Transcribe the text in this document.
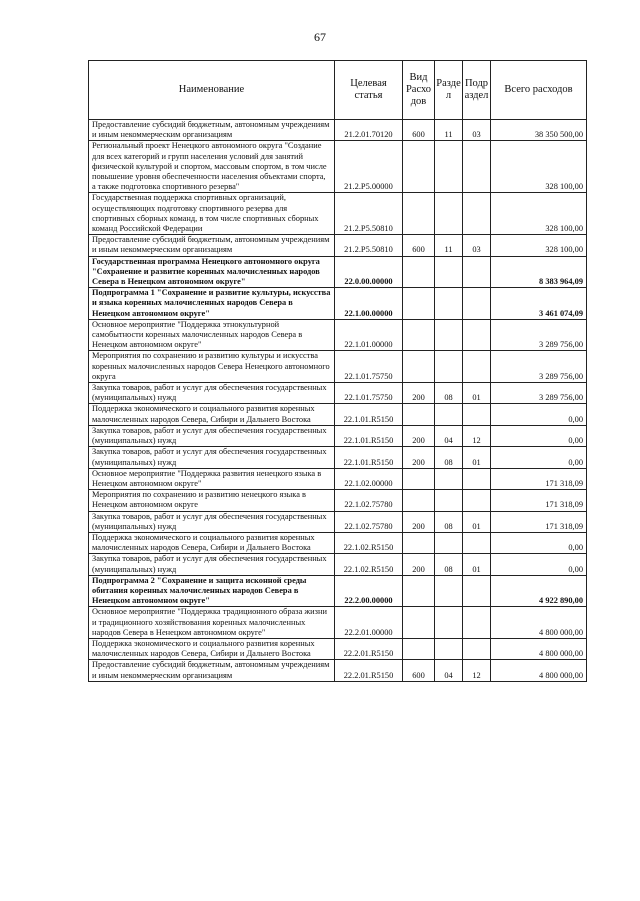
67
Наименование	Целевая статья	Вид Расхо дов	Разде л	Подр аздел	Всего расходов
Предоставление субсидий бюджетным, автономным учреждениям и иным некоммерческим организациям	21.2.01.70120	600	11	03	38 350 500,00
Региональный проект Ненецкого автономного округа "Создание для всех категорий и групп населения условий для занятий физической культурой и спортом, массовым спортом, в том числе повышение уровня обеспеченности населения объектами спорта, а также подготовка спортивного резерва"	21.2.P5.00000				328 100,00
Государственная поддержка спортивных организаций, осуществляющих подготовку спортивного резерва для спортивных сборных команд, в том числе спортивных сборных команд Российской Федерации	21.2.P5.50810				328 100,00
Предоставление субсидий бюджетным, автономным учреждениям и иным некоммерческим организациям	21.2.P5.50810	600	11	03	328 100,00
Государственная программа Ненецкого автономного округа "Сохранение и развитие коренных малочисленных народов Севера в Ненецком автономном округе"	22.0.00.00000				8 383 964,09
Подпрограмма 1 "Сохранение и развитие культуры, искусства и языка коренных малочисленных народов Севера в Ненецком автономном округе"	22.1.00.00000				3 461 074,09
Основное мероприятие "Поддержка этнокультурной самобытности коренных малочисленных народов Севера в Ненецком автономном округе"	22.1.01.00000				3 289 756,00
Мероприятия по сохранению и развитию культуры и искусства коренных малочисленных народов Севера Ненецкого автономного округа	22.1.01.75750				3 289 756,00
Закупка товаров, работ и услуг для обеспечения государственных (муниципальных) нужд	22.1.01.75750	200	08	01	3 289 756,00
Поддержка экономического и социального развития коренных малочисленных народов Севера, Сибири и Дальнего Востока	22.1.01.R5150				0,00
Закупка товаров, работ и услуг для обеспечения государственных (муниципальных) нужд	22.1.01.R5150	200	04	12	0,00
Закупка товаров, работ и услуг для обеспечения государственных (муниципальных) нужд	22.1.01.R5150	200	08	01	0,00
Основное мероприятие "Поддержка развития ненецкого языка в Ненецком автономном округе"	22.1.02.00000				171 318,09
Мероприятия по сохранению и развитию ненецкого языка в Ненецком автономном округе	22.1.02.75780				171 318,09
Закупка товаров, работ и услуг для обеспечения государственных (муниципальных) нужд	22.1.02.75780	200	08	01	171 318,09
Поддержка экономического и социального развития коренных малочисленных народов Севера, Сибири и Дальнего Востока	22.1.02.R5150				0,00
Закупка товаров, работ и услуг для обеспечения государственных (муниципальных) нужд	22.1.02.R5150	200	08	01	0,00
Подпрограмма 2 "Сохранение и защита исконной среды обитания коренных малочисленных народов Севера в Ненецком автономном округе"	22.2.00.00000				4 922 890,00
Основное мероприятие "Поддержка традиционного образа жизни и традиционного хозяйствования коренных малочисленных народов Севера в Ненецком автономном округе"	22.2.01.00000				4 800 000,00
Поддержка экономического и социального развития коренных малочисленных народов Севера, Сибири и Дальнего Востока	22.2.01.R5150				4 800 000,00
Предоставление субсидий бюджетным, автономным учреждениям и иным некоммерческим организациям	22.2.01.R5150	600	04	12	4 800 000,00
